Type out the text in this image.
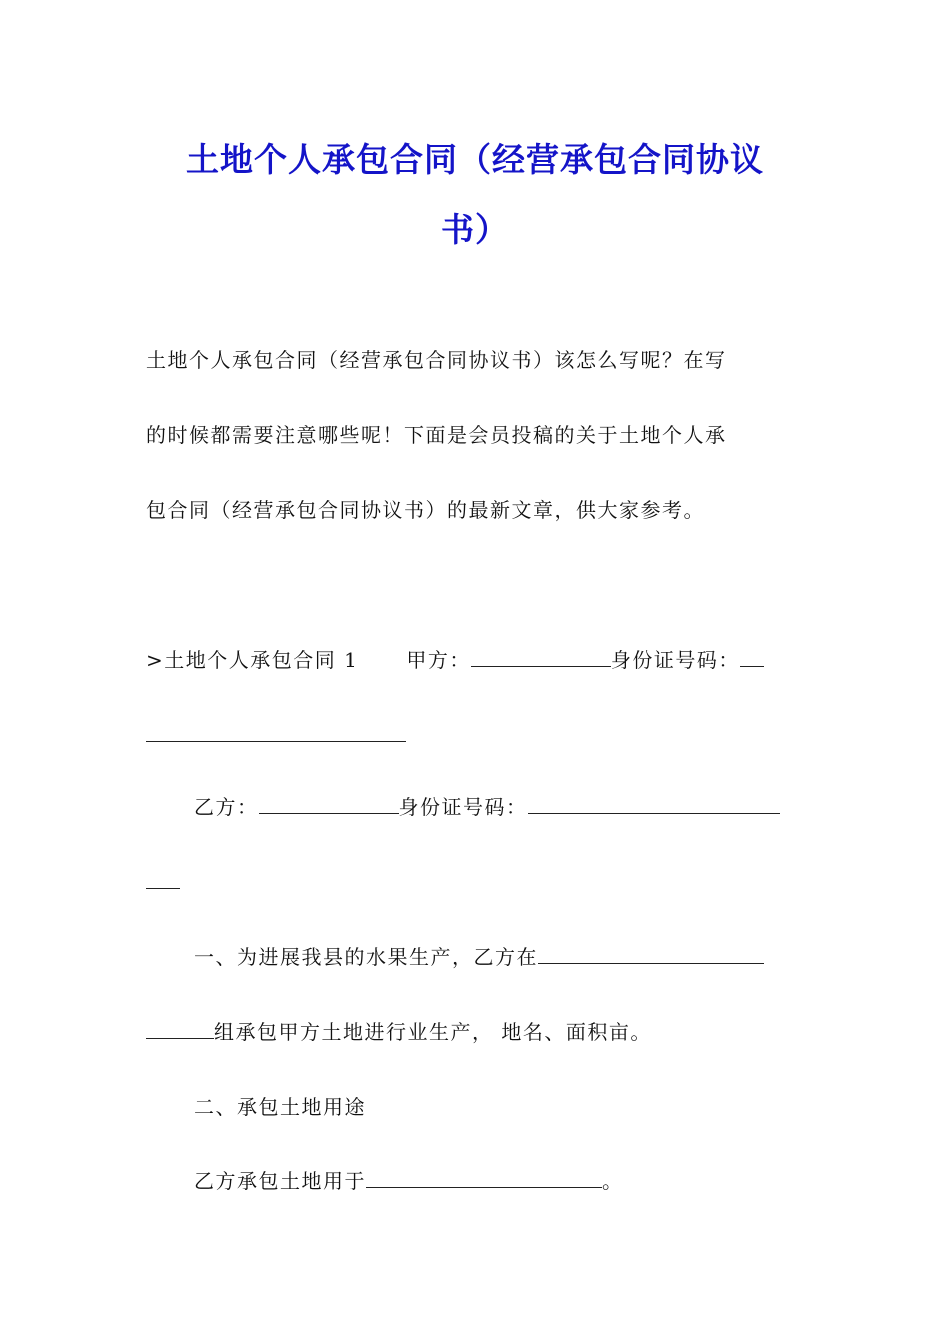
土地个人承包合同（经营承包合同协议
书）
土地个人承包合同（经营承包合同协议书）该怎么写呢？在写
的时候都需要注意哪些呢！下面是会员投稿的关于土地个人承
包合同（经营承包合同协议书）的最新文章，供大家参考。
>土地个人承包合同 1 甲方：	身份证号码：
乙方：	身份证号码：
一、为进展我县的水果生产，乙方在
组承包甲方土地进行业生产， 地名、面积亩。
二、承包土地用途
乙方承包土地用于	。
